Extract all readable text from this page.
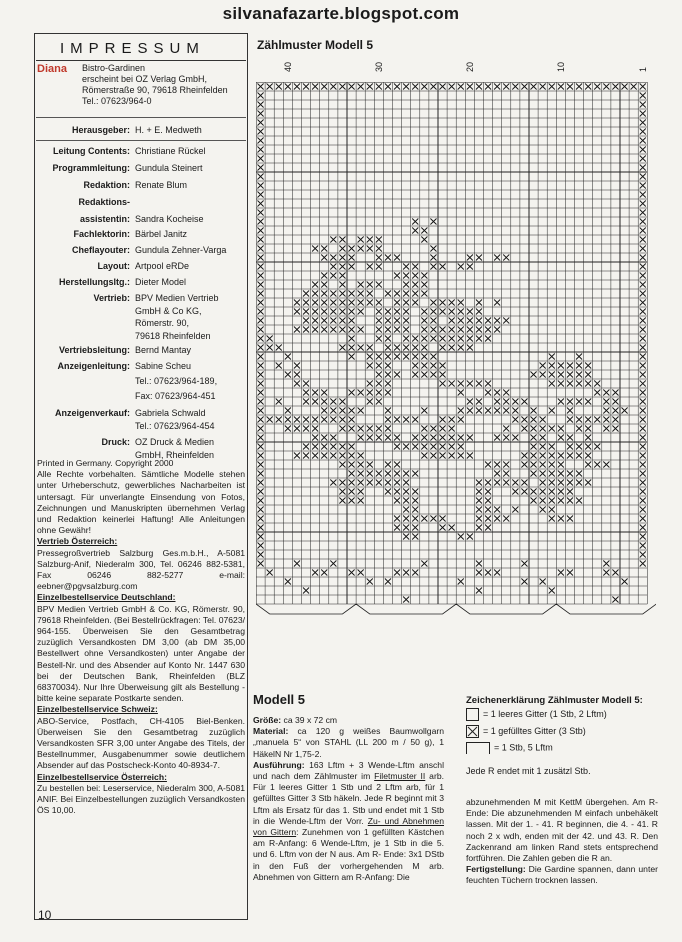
silvanafazarte.blogspot.com
IMPRESSUM
Diana Bistro-Gardinen
erscheint bei OZ Verlag GmbH,
Römerstraße 90, 79618 Rheinfelden
Tel.: 07623/964-0
Herausgeber: H. + E. Medweth
Leitung Contents: Christiane Rückel
Programmleitung: Gundula Steinert
Redaktion: Renate Blum
Redaktions-
assistentin: Sandra Kocheise
Fachlektorin: Bärbel Janitz
Cheflayouter: Gundula Zehner-Varga
Layout: Artpool eRDe
Herstellungsltg.: Dieter Model
Vertrieb: BPV Medien Vertrieb
GmbH & Co KG,
Römerstr. 90,
79618 Rheinfelden
Vertriebsleitung: Bernd Mantay
Anzeigenleitung: Sabine Scheu
Tel.: 07623/964-189,
Fax: 07623/964-451
Anzeigenverkauf: Gabriela Schwald
Tel.: 07623/964-454
Druck: OZ Druck & Medien
GmbH, Rheinfelden

Printed in Germany. Copyright 2000

Alle Rechte vorbehalten. Sämtliche Modelle stehen unter Urheberschutz, gewerbliches Nacharbeiten ist untersagt. Für unverlangte Einsendung von Fotos, Zeichnungen und Manuskripten übernehmen Verlag und Redaktion keinerlei Haftung! Alle Anleitungen ohne Gewähr!

Vertrieb Österreich:

Pressegroßvertrieb Salzburg Ges.m.b.H., A-5081 Salzburg-Anif, Niederalm 300, Tel. 06246 882-5381, Fax 06246 882-5277 e-mail: eebner@pgvsalzburg.com

Einzelbestellservice Deutschland:

BPV Medien Vertrieb GmbH & Co. KG, Römerstr. 90, 79618 Rheinfelden. (Bei Bestellrückfragen: Tel. 07623/ 964-155. Überweisen Sie den Gesamtbetrag zuzüglich Versandkosten DM 3,00 (ab DM 35,00 Bestellwert ohne Versandkosten) unter Angabe der Bestell-Nr. und des Absender auf Konto Nr. 1447 630 bei der Deutschen Bank, Rheinfelden (BLZ 68370034). Nur Ihre Überweisung gilt als Bestellung -bitte keine separate Postkarte senden.

Einzelbestellservice Schweiz:

ABO-Service, Postfach, CH-4105 Biel-Benken. Überweisen Sie den Gesamtbetrag zuzüglich Versandkosten SFR 3,00 unter Angabe des Titels, der Bestellnummer, Ausgabenummer sowie deutlichem Absender auf das Postscheck-Konto 40-8934-7.

Einzelbestellservice Österreich:

Zu bestellen bei: Leserservice, Niederalm 300, A-5081 ANIF. Bei Einzelbestellungen zuzüglich Versandkosten ÖS 10,00.

Zählmuster Modell 5
40	30	20	10	1
Modell 5

Größe: ca 39 x 72 cm

Material: ca 120 g weißes Baumwollgarn „manuela 5“ von STAHL (LL 200 m / 50 g), 1 HäkelN Nr 1,75-2.

Ausführung: 163 Lftm + 3 Wende-Lftm anschl und nach dem Zählmuster im Filetmuster II arb. Für 1 leeres Gitter 1 Stb und 2 Lftm arb, für 1 gefülltes Gitter 3 Stb häkeln. Jede R beginnt mit 3 Lftm als Ersatz für das 1. Stb und endet mit 1 Stb in die Wende-Lftm der Vorr. Zu- und Abnehmen von Gittern: Zunehmen von 1 gefüllten Kästchen am R-Anfang: 6 Wende-Lftm, je 1 Stb in die 5. und 6. Lftm von der N aus. Am R- Ende: 3x1 DStb in den Fuß der vorhergehenden M arb. Abnehmen von Gittern am R-Anfang: Die

Zeichenerklärung Zählmuster Modell 5:
= 1 leeres Gitter (1 Stb, 2 Lftm)
= 1 gefülltes Gitter (3 Stb)
= 1 Stb, 5 Lftm
Jede R endet mit 1 zusätzl Stb.

abzunehmenden M mit KettM übergehen. Am R-Ende: Die abzunehmenden M einfach unbehäkelt lassen. Mit der 1. - 41. R beginnen, die 4. - 41. R noch 2 x wdh, enden mit der 42. und 43. R. Den Zackenrand am linken Rand stets entsprechend fortführen. Die Zahlen geben die R an.

Fertigstellung: Die Gardine spannen, dann unter feuchten Tüchern trocknen lassen.

10
